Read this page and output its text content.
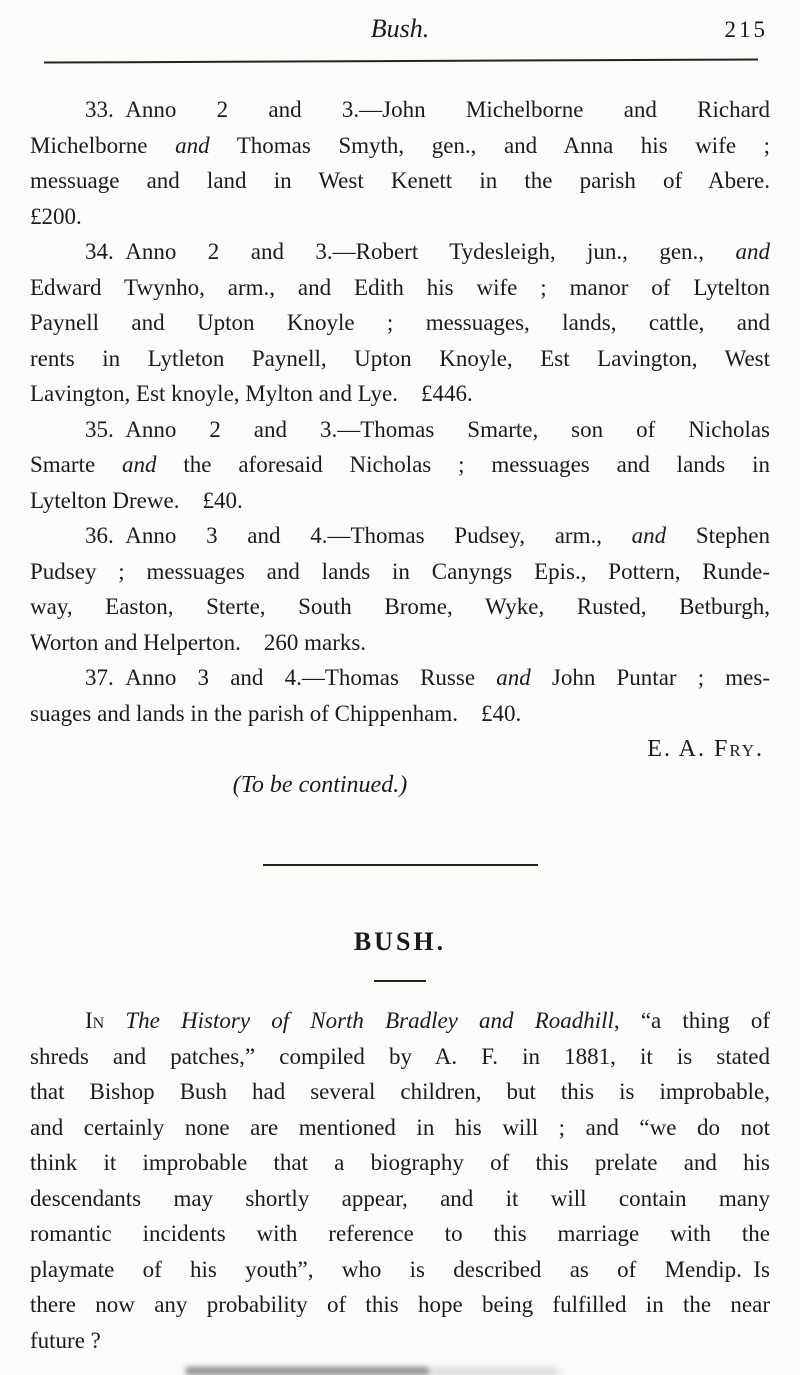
Bush.	215

33. Anno 2 and 3.—John Michelborne and Richard
Michelborne and Thomas Smyth, gen., and Anna his wife ;
messuage and land in West Kenett in the parish of Abere.
£200.

34. Anno 2 and 3.—Robert Tydesleigh, jun., gen., and
Edward Twynho, arm., and Edith his wife ; manor of Lytelton
Paynell and Upton Knoyle ; messuages, lands, cattle, and
rents in Lytleton Paynell, Upton Knoyle, Est Lavington, West
Lavington, Est knoyle, Mylton and Lye. £446.

35. Anno 2 and 3.—Thomas Smarte, son of Nicholas
Smarte and the aforesaid Nicholas ; messuages and lands in
Lytelton Drewe. £40.

36. Anno 3 and 4.—Thomas Pudsey, arm., and Stephen
Pudsey ; messuages and lands in Canyngs Epis., Pottern, Runde-
way, Easton, Sterte, South Brome, Wyke, Rusted, Betburgh,
Worton and Helperton. 260 marks.

37. Anno 3 and 4.—Thomas Russe and John Puntar ; mes-
suages and lands in the parish of Chippenham. £40.

E. A. Fry.

(To be continued.)

BUSH.

In The History of North Bradley and Roadhill, “a thing of
shreds and patches,” compiled by A. F. in 1881, it is stated
that Bishop Bush had several children, but this is improbable,
and certainly none are mentioned in his will ; and “we do not
think it improbable that a biography of this prelate and his
descendants may shortly appear, and it will contain many
romantic incidents with reference to this marriage with the
playmate of his youth”, who is described as of Mendip. Is
there now any probability of this hope being fulfilled in the near
future ?
